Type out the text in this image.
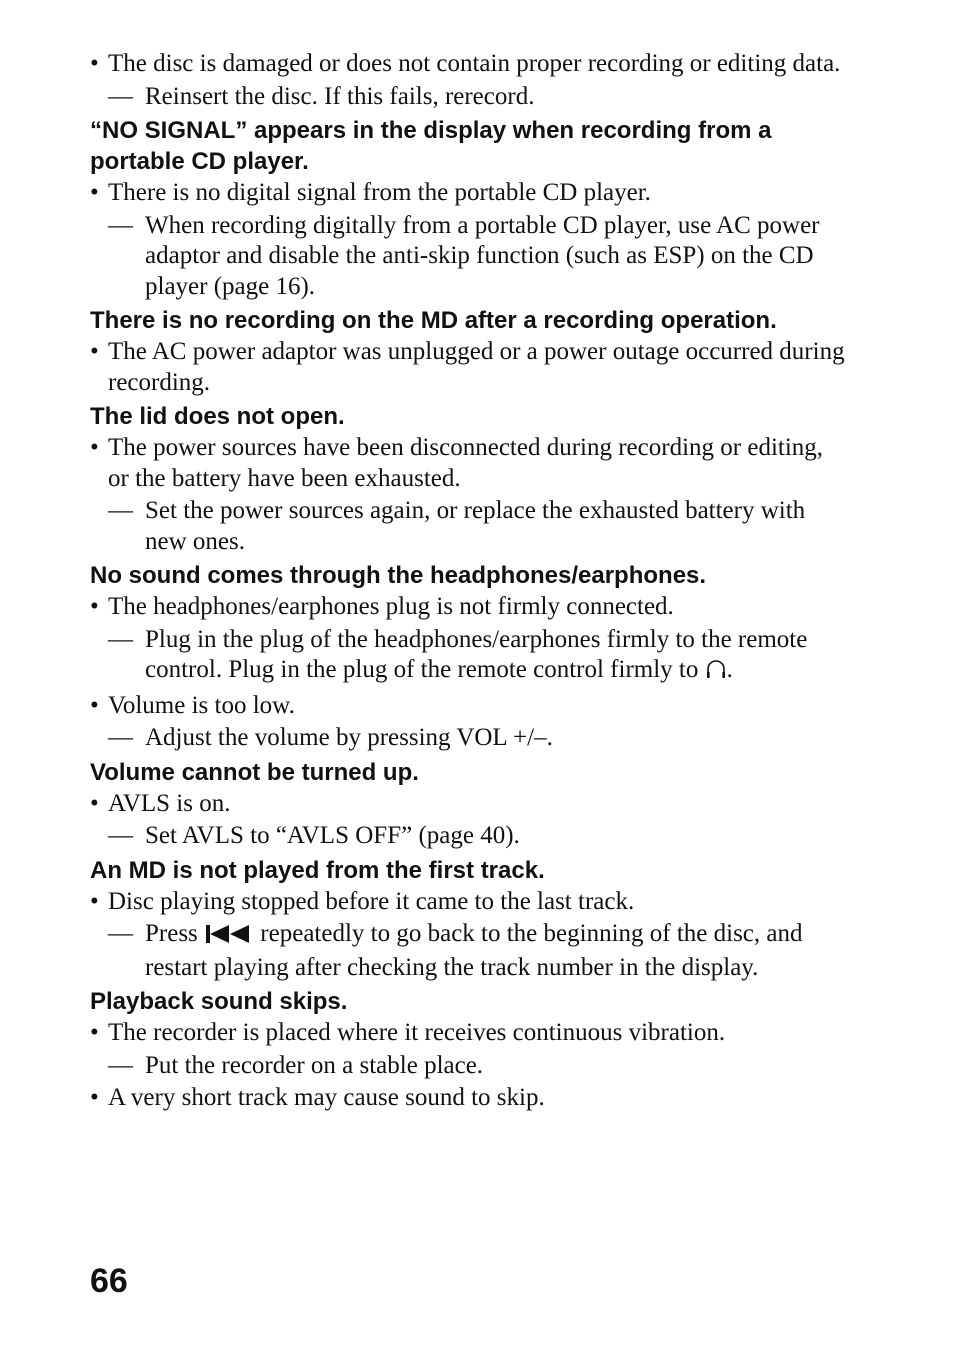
• The disc is damaged or does not contain proper recording or editing data.
— Reinsert the disc. If this fails, rerecord.
“NO SIGNAL” appears in the display when recording from a portable CD player.
• There is no digital signal from the portable CD player.
— When recording digitally from a portable CD player, use AC power adaptor and disable the anti-skip function (such as ESP) on the CD player (page 16).
There is no recording on the MD after a recording operation.
• The AC power adaptor was unplugged or a power outage occurred during recording.
The lid does not open.
• The power sources have been disconnected during recording or editing, or the battery have been exhausted.
— Set the power sources again, or replace the exhausted battery with new ones.
No sound comes through the headphones/earphones.
• The headphones/earphones plug is not firmly connected.
— Plug in the plug of the headphones/earphones firmly to the remote control. Plug in the plug of the remote control firmly to .
• Volume is too low.
— Adjust the volume by pressing VOL +/–.
Volume cannot be turned up.
• AVLS is on.
— Set AVLS to “AVLS OFF” (page 40).
An MD is not played from the first track.
• Disc playing stopped before it came to the last track.
— Press	repeatedly to go back to the beginning of the disc, and restart playing after checking the track number in the display.
Playback sound skips.
• The recorder is placed where it receives continuous vibration.
— Put the recorder on a stable place.
• A very short track may cause sound to skip.
66
